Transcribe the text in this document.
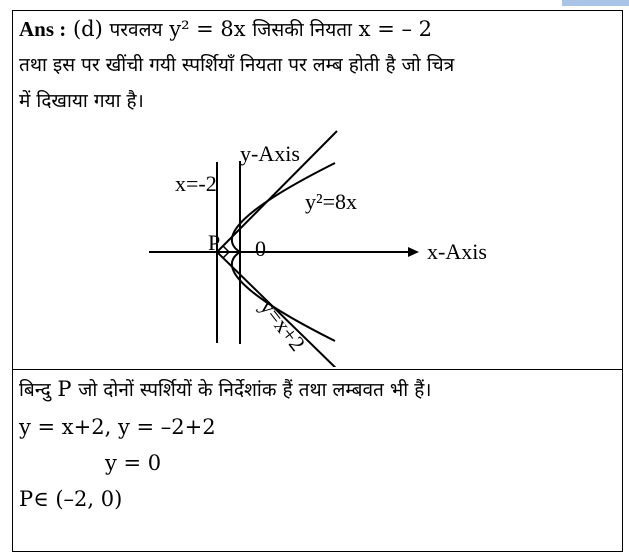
Ans : (d) परवलय y² = 8x जिसकी नियता x = – 2
तथा इस पर खींची गयी स्पर्शियाँ नियता पर लम्ब होती है जो चित्र
में दिखाया गया है।
y-Axis
x=-2
y²=8x
P 0	x-Axis
y=x+2
बिन्दु P जो दोनों स्पर्शियों के निर्देशांक हैं तथा लम्बवत भी हैं।
y = x+2, y = –2+2
y = 0
P∈ (–2, 0)
